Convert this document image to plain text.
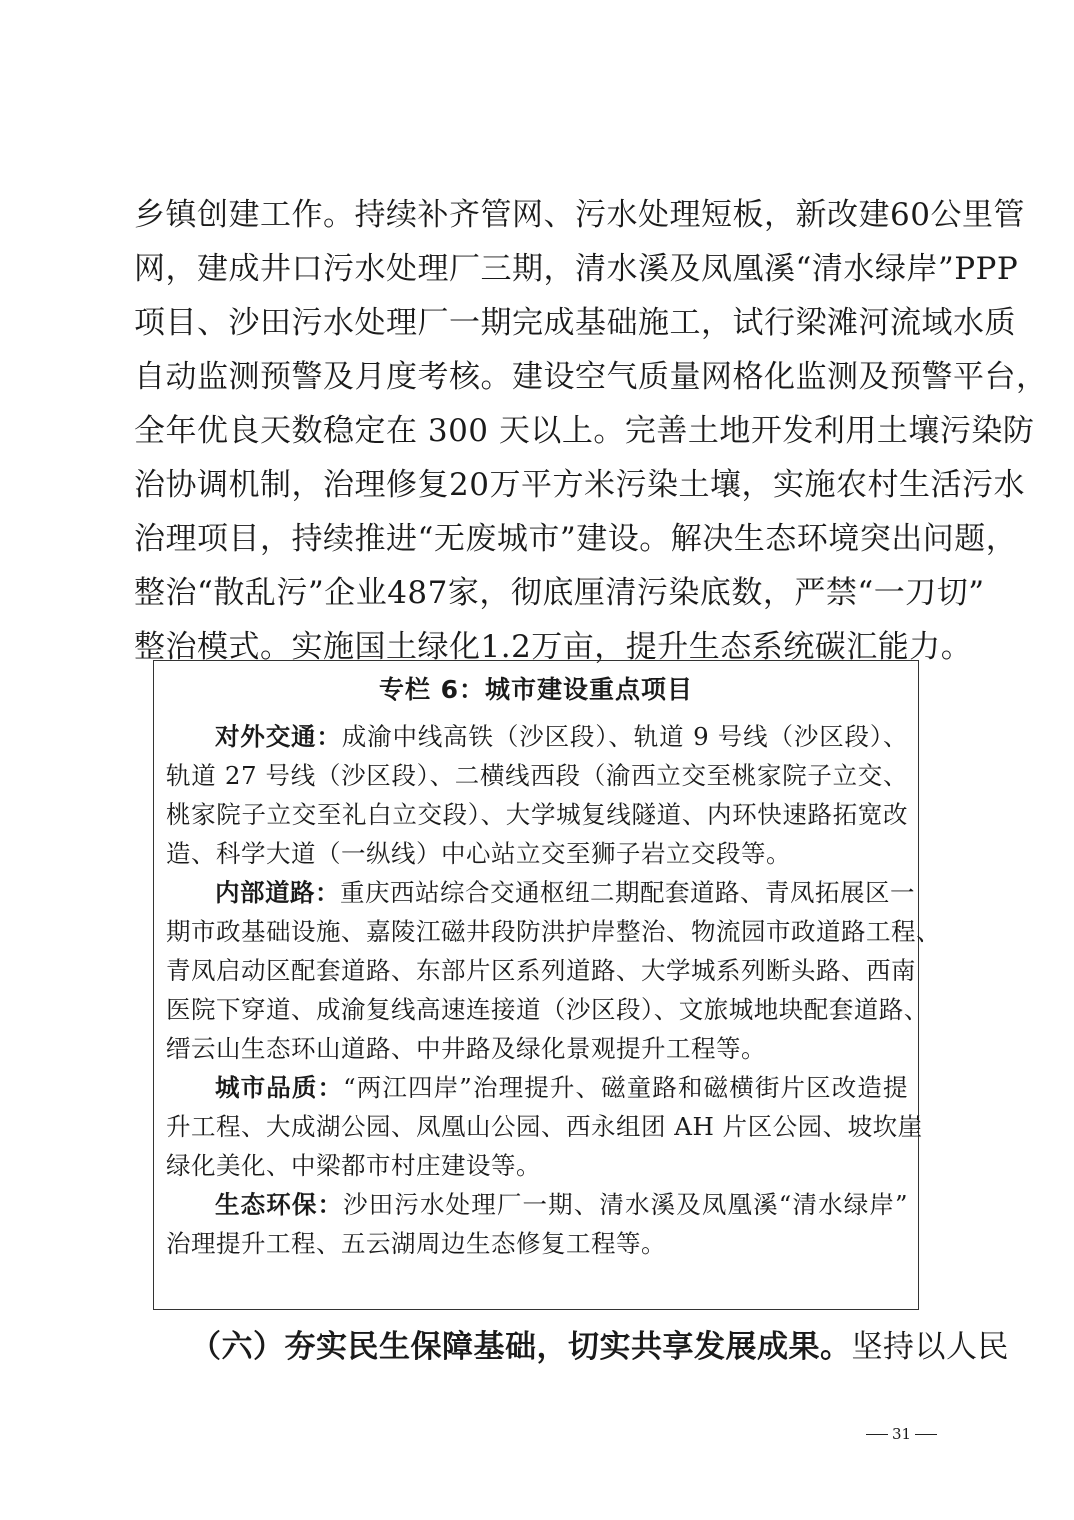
乡镇创建工作。持续补齐管网、污水处理短板，新改建60公里管
网，建成井口污水处理厂三期，清水溪及凤凰溪“清水绿岸”PPP
项目、沙田污水处理厂一期完成基础施工，试行梁滩河流域水质
自动监测预警及月度考核。建设空气质量网格化监测及预警平台，
全年优良天数稳定在 300 天以上。完善土地开发利用土壤污染防
治协调机制，治理修复20万平方米污染土壤，实施农村生活污水
治理项目，持续推进“无废城市”建设。解决生态环境突出问题，
整治“散乱污”企业487家，彻底厘清污染底数，严禁“一刀切”
整治模式。实施国土绿化1.2万亩，提升生态系统碳汇能力。
专栏 6：城市建设重点项目
对外交通：成渝中线高铁（沙区段）、轨道 9 号线（沙区段）、
轨道 27 号线（沙区段）、二横线西段（渝西立交至桃家院子立交、
桃家院子立交至礼白立交段）、大学城复线隧道、内环快速路拓宽改
造、科学大道（一纵线）中心站立交至狮子岩立交段等。
内部道路：重庆西站综合交通枢纽二期配套道路、青凤拓展区一
期市政基础设施、嘉陵江磁井段防洪护岸整治、物流园市政道路工程、
青凤启动区配套道路、东部片区系列道路、大学城系列断头路、西南
医院下穿道、成渝复线高速连接道（沙区段）、文旅城地块配套道路、
缙云山生态环山道路、中井路及绿化景观提升工程等。
城市品质：“两江四岸”治理提升、磁童路和磁横街片区改造提
升工程、大成湖公园、凤凰山公园、西永组团 AH 片区公园、坡坎崖
绿化美化、中梁都市村庄建设等。
生态环保：沙田污水处理厂一期、清水溪及凤凰溪“清水绿岸”
治理提升工程、五云湖周边生态修复工程等。
（六）夯实民生保障基础，切实共享发展成果。坚持以人民
31
